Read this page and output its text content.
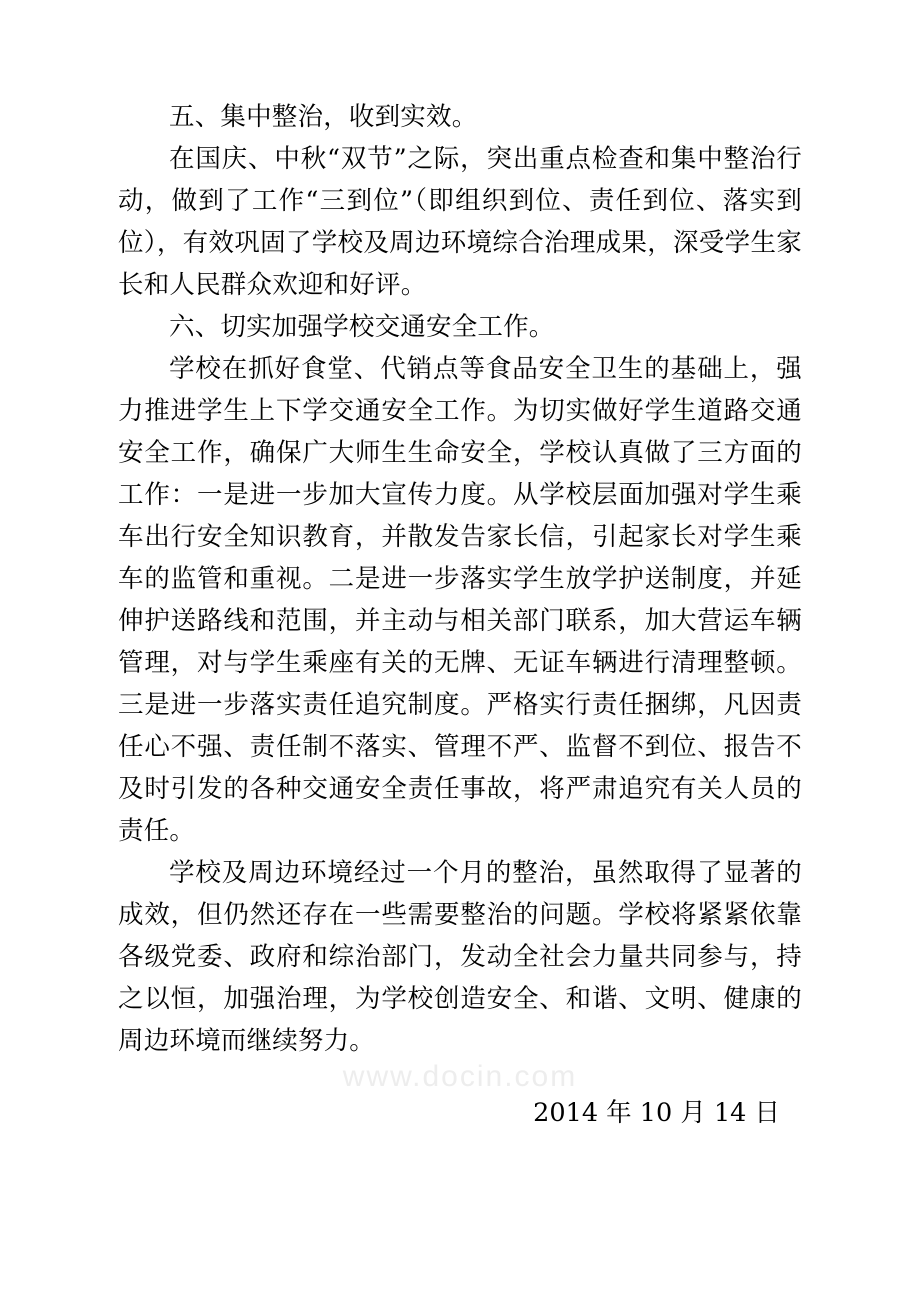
www.docin.com

五、集中整治，收到实效。

在国庆、中秋“双节”之际，突出重点检查和集中整治行动，做到了工作“三到位”（即组织到位、责任到位、落实到位），有效巩固了学校及周边环境综合治理成果，深受学生家长和人民群众欢迎和好评。

六、切实加强学校交通安全工作。

学校在抓好食堂、代销点等食品安全卫生的基础上，强力推进学生上下学交通安全工作。为切实做好学生道路交通安全工作，确保广大师生生命安全，学校认真做了三方面的工作：一是进一步加大宣传力度。从学校层面加强对学生乘车出行安全知识教育，并散发告家长信，引起家长对学生乘车的监管和重视。二是进一步落实学生放学护送制度，并延伸护送路线和范围，并主动与相关部门联系，加大营运车辆管理，对与学生乘座有关的无牌、无证车辆进行清理整顿。三是进一步落实责任追究制度。严格实行责任捆绑，凡因责任心不强、责任制不落实、管理不严、监督不到位、报告不及时引发的各种交通安全责任事故，将严肃追究有关人员的责任。

学校及周边环境经过一个月的整治，虽然取得了显著的成效，但仍然还存在一些需要整治的问题。学校将紧紧依靠各级党委、政府和综治部门，发动全社会力量共同参与，持之以恒，加强治理，为学校创造安全、和谐、文明、健康的周边环境而继续努力。

2014 年 10 月 14 日
